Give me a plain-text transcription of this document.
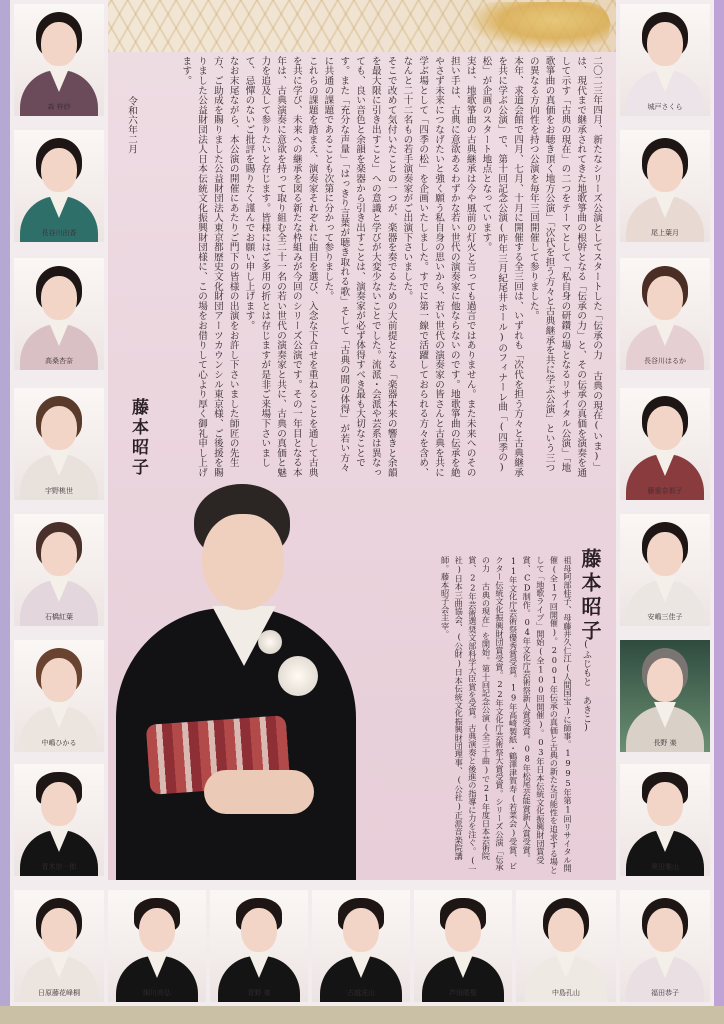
二〇二三年四月、新たなシリーズ公演としてスタートした「伝承の力 古典の現在(いま)」は、現代まで継承されてきた地歌箏曲の根幹となる「伝承の力」と、その伝承の真価を演奏を通して示す「古典の現在」の二つをテーマとして「私自身の研鑽の場となるリサイタル公演」「地歌箏曲の真価をお聴き頂く地方公演」「次代を担う方々と古典継承を共に学ぶ公演」という三つの異なる方向性を持つ公演を毎年三回開催して参りました。

本年、求道会館で四月、七月、十月に開催する全三回は、いずれも「次代を担う方々と古典継承を共に学ぶ公演」で、第十回記念公演(昨年三月紀尾井ホール)のフィナーレ曲「(四季の)松」が企画のスタート地点となっています。

実は、地歌箏曲の古典継承は今や風前の灯火と言っても過言ではありません。また未来へのその担い手は、古典に意欲あるわずかな若い世代の演奏家に他ならないのです。地歌箏曲の伝承を絶やさず未来につなげたいと強く願う私自身の思いから、若い世代の演奏家の皆さんと古典を共に学ぶ場として「四季の松」を企画いたしました。すでに第一線で活躍しておられる方々を含め、なんと二十二名もの若手演奏家がご出演下さいました。

そこで改めて気付いたことの一つが、楽器を奏でるための大前提となる「楽器本来の響きと余韻を最大限に引き出すこと」への意識と学びが大変少ないことでした。流派・会派や芸系は異なっても、良い音色と余韻を楽器から引き出すことは、演奏家が必ず体得すべき最も大切なことです。また「充分な声量」「はっきり言葉が聴き取れる歌」そして「古典の間の体得」が若い方々に共通の課題であることも次第に分かって参りました。

これらの課題を踏まえ、演奏家それぞれに曲目を選び、入念な下合せを重ねることを通して古典を共に学び、未来への継承を図る新たな枠組みが今回のシリーズ公演です。その一年目となる本年は、古典演奏に意欲を持って取り組む全二十一名の若い世代の演奏家と共に、古典の真価と魅力を追及して参りたいと存じます。皆様にはご多用の折とは存じますが是非ご来場下さいまして、忌憚のないご批評を賜りたく謹んでお願い申し上げます。

なお末尾ながら、本公演の開催にあたりご門下の皆様の出演をお許し下さいました師匠の先生方、ご助成を賜りました公益財団法人東京都歴史文化財団アーツカウンシル東京様、ご後援を賜りました公益財団法人日本伝統文化振興財団様に、この場をお借りして心より厚く御礼申し上げます。

令和六年二月
藤本昭子
藤本昭子
(ふじもと あきこ)
祖母阿部桂子、母藤井久仁江(人間国宝)に師事。1995年第1回リサイタル開催(全17回開催)。2001年伝承の真価と古典の新たな可能性を追求する場として「地歌ライブ」開始(全100回開催)。03年日本伝統文化振興財団賞受賞、CD制作。04年文化庁芸術祭新人賞受賞。08年松尾芸能賞新人賞受賞。11年文化庁芸術祭優秀賞受賞。19年高崎製紙・鶴澤津賀寿(若菜会)受賞、ビクター伝統文化振興財団賞受賞。22年文化庁芸術祭大賞受賞。シリーズ公演「伝承の力 古典の現在」を開始。第十回記念公演(全三十曲)で21年度日本芸術院賞、22年芸術選奨文部科学大臣賞を受賞。古典演奏と後進の指導に力を注ぐ。(一社)日本三曲協会、(公財)日本伝統文化振興財団理事、(公社)正派音楽院講師。藤本昭子会主宰。
森 梓紗
長谷川由香
高桑杏奈
宇野桃世
石橋紅葉
中嶋ひかる
青木崇一郎
日原藤花峰桐
城戸さくら
尾上葉月
長谷川はるか
藤重奈那子
安嶋三佳子
長野 楽
奥田雅山
福田恭子
細川亮弘	青野 楽	古越洗山	芦垣皓聖	中島孔山
